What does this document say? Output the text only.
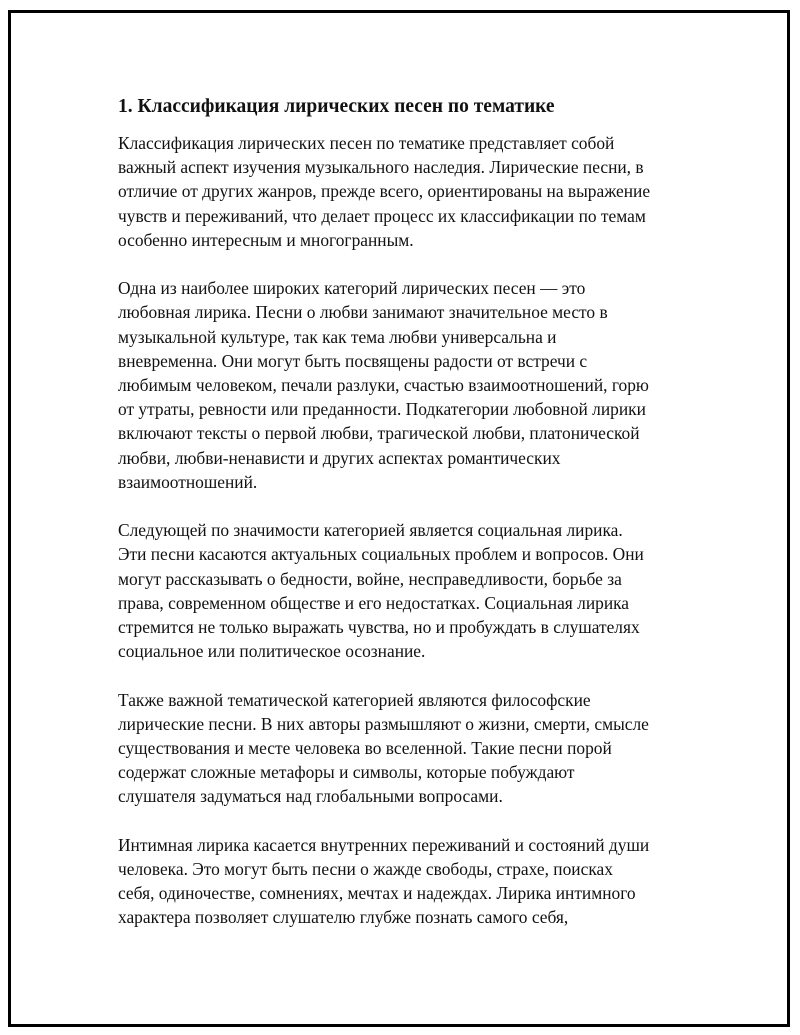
1. Классификация лирических песен по тематике

Классификация лирических песен по тематике представляет собой
важный аспект изучения музыкального наследия. Лирические песни, в
отличие от других жанров, прежде всего, ориентированы на выражение
чувств и переживаний, что делает процесс их классификации по темам
особенно интересным и многогранным.

Одна из наиболее широких категорий лирических песен — это
любовная лирика. Песни о любви занимают значительное место в
музыкальной культуре, так как тема любви универсальна и
вневременна. Они могут быть посвящены радости от встречи с
любимым человеком, печали разлуки, счастью взаимоотношений, горю
от утраты, ревности или преданности. Подкатегории любовной лирики
включают тексты о первой любви, трагической любви, платонической
любви, любви-ненависти и других аспектах романтических
взаимоотношений.

Следующей по значимости категорией является социальная лирика.
Эти песни касаются актуальных социальных проблем и вопросов. Они
могут рассказывать о бедности, войне, несправедливости, борьбе за
права, современном обществе и его недостатках. Социальная лирика
стремится не только выражать чувства, но и пробуждать в слушателях
социальное или политическое осознание.

Также важной тематической категорией являются философские
лирические песни. В них авторы размышляют о жизни, смерти, смысле
существования и месте человека во вселенной. Такие песни порой
содержат сложные метафоры и символы, которые побуждают
слушателя задуматься над глобальными вопросами.

Интимная лирика касается внутренних переживаний и состояний души
человека. Это могут быть песни о жажде свободы, страхе, поисках
себя, одиночестве, сомнениях, мечтах и надеждах. Лирика интимного
характера позволяет слушателю глубже познать самого себя,
